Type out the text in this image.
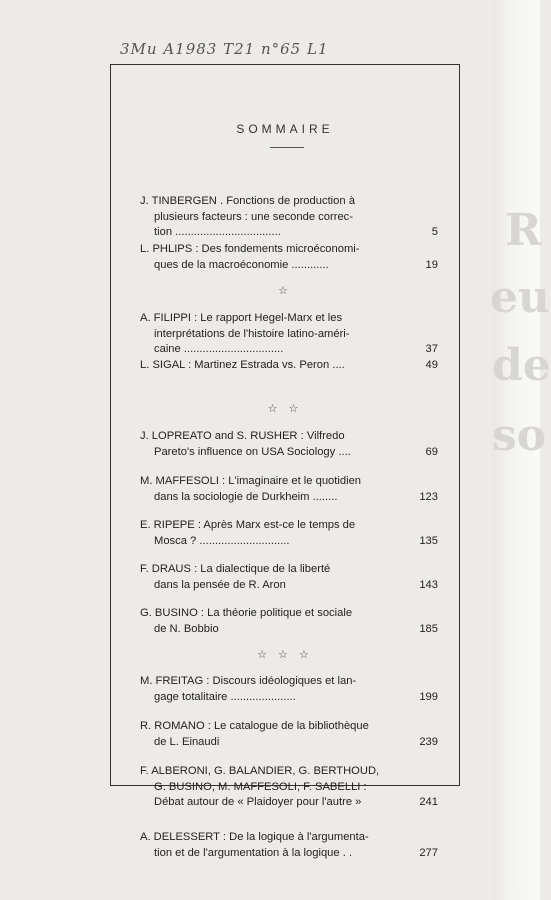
R
eu
de
so
3Mu A1983 T21 n°65 L1
SOMMAIRE
☆
☆ ☆
☆ ☆ ☆
J. TINBERGEN . Fonctions de production à
plusieurs facteurs : une seconde correc-
tion ..................................	5
L. PHLIPS : Des fondements microéconomi-
ques de la macroéconomie ............	19
A. FILIPPI : Le rapport Hegel-Marx et les
interprétations de l'histoire latino-améri-
caine ................................	37
L. SIGAL : Martinez Estrada vs. Peron ....	49
J. LOPREATO and S. RUSHER : Vilfredo
Pareto's influence on USA Sociology ....	69
M. MAFFESOLI : L'imaginaire et le quotidien
dans la sociologie de Durkheim ........	123
E. RIPEPE : Après Marx est-ce le temps de
Mosca ? .............................	135
F. DRAUS : La dialectique de la liberté
dans la pensée de R. Aron	143
G. BUSINO : La théorie politique et sociale
de N. Bobbio	185
M. FREITAG : Discours idéologiques et lan-
gage totalitaire .....................	199
R. ROMANO : Le catalogue de la bibliothèque
de L. Einaudi	239
F. ALBERONI, G. BALANDIER, G. BERTHOUD,
G. BUSINO, M. MAFFESOLI, F. SABELLI :
Débat autour de « Plaidoyer pour l'autre »	241
A. DELESSERT : De la logique à l'argumenta-
tion et de l'argumentation à la logique . .	277
